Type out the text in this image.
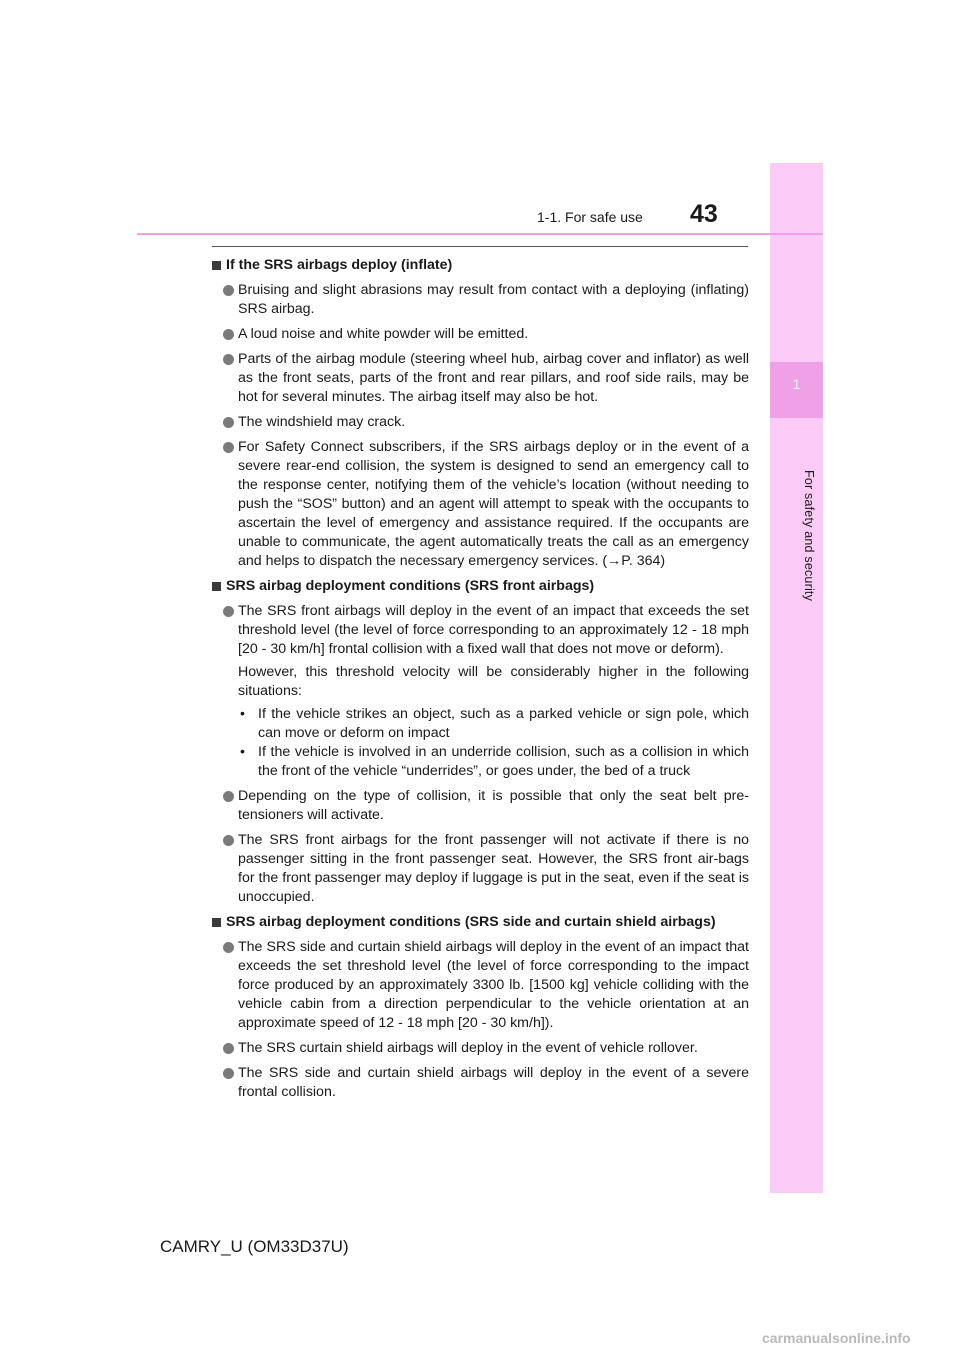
1
For safety and security
1-1. For safe use 43
If the SRS airbags deploy (inflate)
Bruising and slight abrasions may result from contact with a deploying (inflating) SRS airbag.
A loud noise and white powder will be emitted.
Parts of the airbag module (steering wheel hub, airbag cover and inflator) as well as the front seats, parts of the front and rear pillars, and roof side rails, may be hot for several minutes. The airbag itself may also be hot.
The windshield may crack.
For Safety Connect subscribers, if the SRS airbags deploy or in the event of a severe rear-end collision, the system is designed to send an emergency call to the response center, notifying them of the vehicle’s location (without needing to push the “SOS” button) and an agent will attempt to speak with the occupants to ascertain the level of emergency and assistance required. If the occupants are unable to communicate, the agent automatically treats the call as an emergency and helps to dispatch the necessary emergency services. (→P. 364)
SRS airbag deployment conditions (SRS front airbags)
The SRS front airbags will deploy in the event of an impact that exceeds the set threshold level (the level of force corresponding to an approximately 12 - 18 mph [20 - 30 km/h] frontal collision with a fixed wall that does not move or deform).
However, this threshold velocity will be considerably higher in the following situations:
• If the vehicle strikes an object, such as a parked vehicle or sign pole, which can move or deform on impact
• If the vehicle is involved in an underride collision, such as a collision in which the front of the vehicle “underrides”, or goes under, the bed of a truck
Depending on the type of collision, it is possible that only the seat belt pre-tensioners will activate.
The SRS front airbags for the front passenger will not activate if there is no passenger sitting in the front passenger seat. However, the SRS front air-bags for the front passenger may deploy if luggage is put in the seat, even if the seat is unoccupied.
SRS airbag deployment conditions (SRS side and curtain shield airbags)
The SRS side and curtain shield airbags will deploy in the event of an impact that exceeds the set threshold level (the level of force corresponding to the impact force produced by an approximately 3300 lb. [1500 kg] vehicle colliding with the vehicle cabin from a direction perpendicular to the vehicle orientation at an approximate speed of 12 - 18 mph [20 - 30 km/h]).
The SRS curtain shield airbags will deploy in the event of vehicle rollover.
The SRS side and curtain shield airbags will deploy in the event of a severe frontal collision.
CAMRY_U (OM33D37U)
carmanualsonline.info
